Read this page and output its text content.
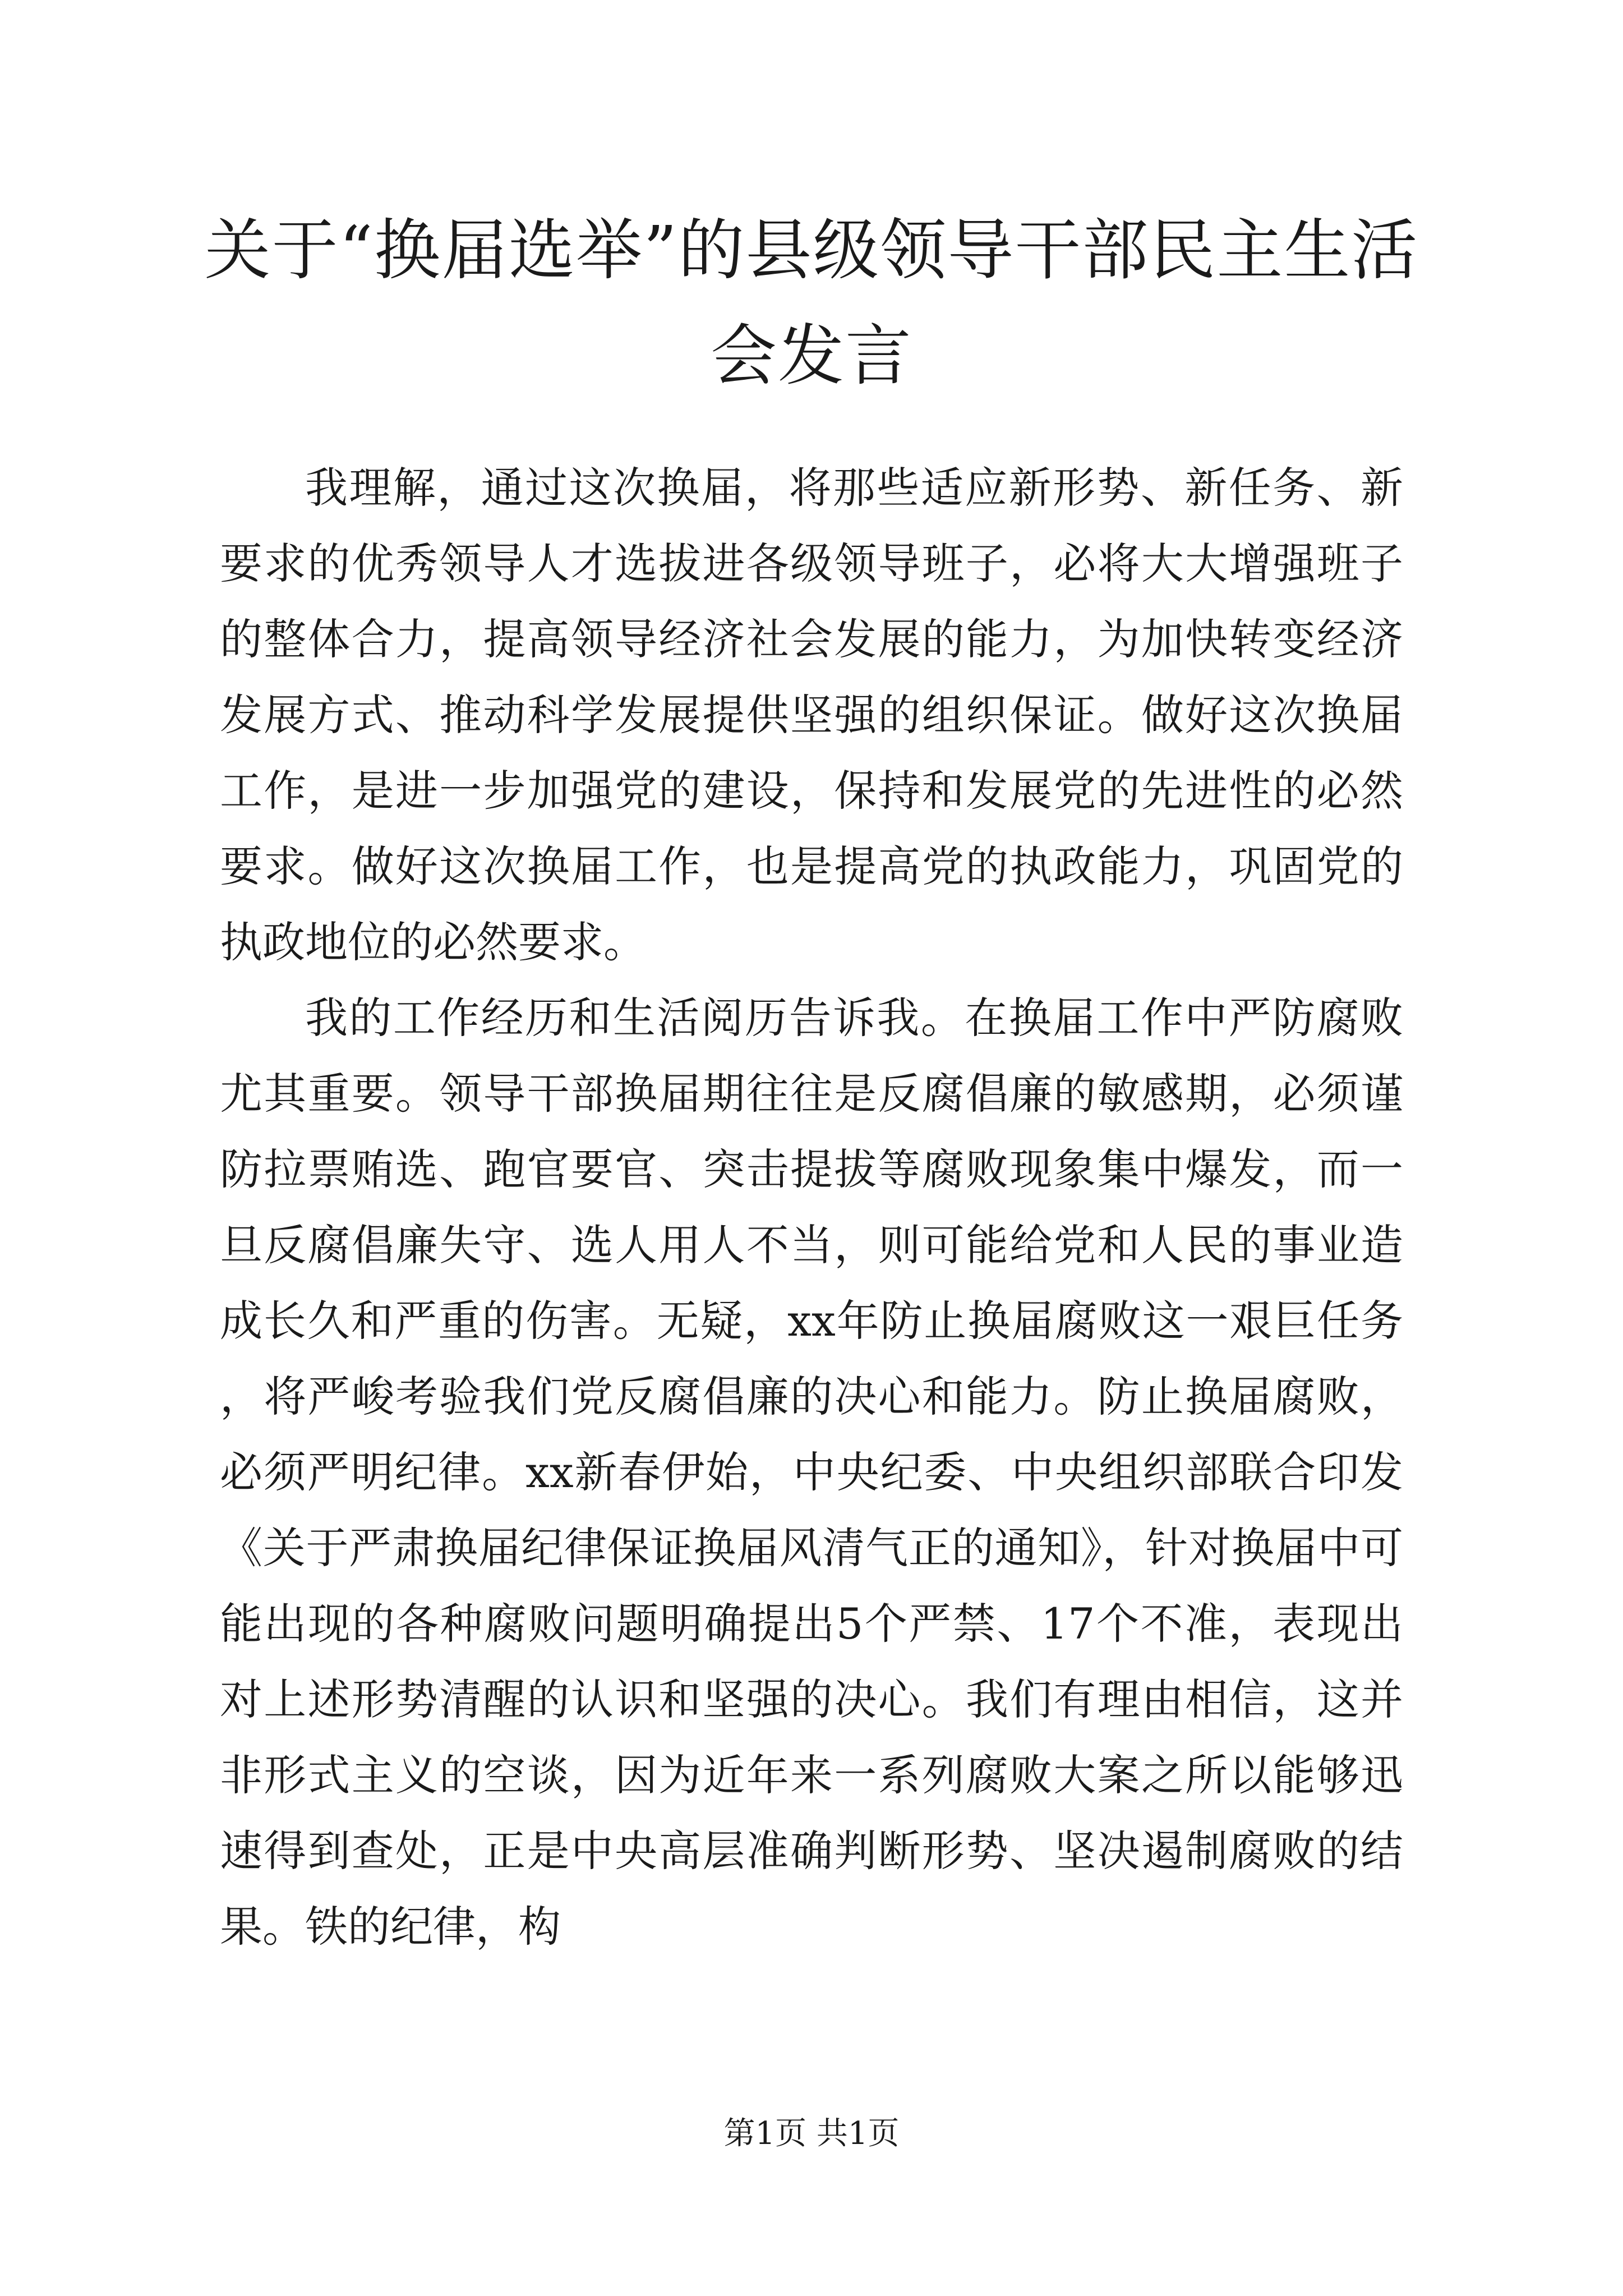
关于“换届选举”的县级领导干部民主生活会发言

我理解，通过这次换届，将那些适应新形势、新任务、新要求的优秀领导人才选拔进各级领导班子，必将大大增强班子的整体合力，提高领导经济社会发展的能力，为加快转变经济发展方式、推动科学发展提供坚强的组织保证。做好这次换届工作，是进一步加强党的建设，保持和发展党的先进性的必然要求。做好这次换届工作，也是提高党的执政能力，巩固党的执政地位的必然要求。

我的工作经历和生活阅历告诉我。在换届工作中严防腐败尤其重要。领导干部换届期往往是反腐倡廉的敏感期，必须谨防拉票贿选、跑官要官、突击提拔等腐败现象集中爆发，而一旦反腐倡廉失守、选人用人不当，则可能给党和人民的事业造成长久和严重的伤害。无疑，xx年防止换届腐败这一艰巨任务，将严峻考验我们党反腐倡廉的决心和能力。防止换届腐败，必须严明纪律。xx新春伊始，中央纪委、中央组织部联合印发《关于严肃换届纪律保证换届风清气正的通知》，针对换届中可能出现的各种腐败问题明确提出5个严禁、17个不准，表现出对上述形势清醒的认识和坚强的决心。我们有理由相信，这并非形式主义的空谈，因为近年来一系列腐败大案之所以能够迅速得到查处，正是中央高层准确判断形势、坚决遏制腐败的结果。铁的纪律，构

第1页 共1页
